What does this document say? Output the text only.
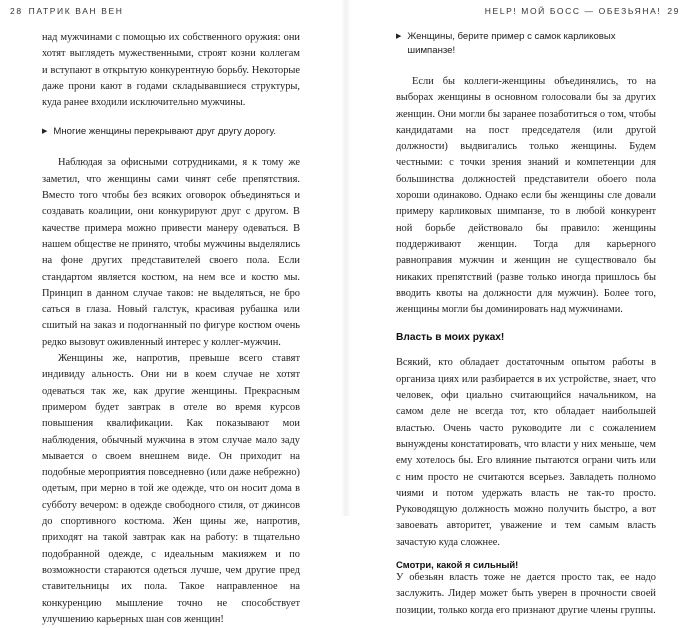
28 ПАТРИК ВАН ВЕН

над мужчинами с помощью их собственного оружия: они хотят выглядеть мужественными, строят козни коллегам и вступают в открытую конкурентную борьбу. Некоторые даже прони кают в годами складывавшиеся структуры, куда ранее входили исключительно мужчины.

▶ Многие женщины перекрывают друг другу дорогу.

Наблюдая за офисными сотрудниками, я к тому же заметил, что женщины сами чинят себе препятствия. Вместо того чтобы без всяких оговорок объединяться и создавать коалиции, они конкурируют друг с другом. В качестве примера можно привести манеру одеваться. В нашем обществе не принято, чтобы мужчины выделялись на фоне других представителей своего пола. Если стандартом является костюм, на нем все и костю мы. Принцип в данном случае таков: не выделяться, не бро саться в глаза. Новый галстук, красивая рубашка или сшитый на заказ и подогнанный по фигуре костюм очень редко вызовут оживленный интерес у коллег-мужчин.

Женщины же, напротив, превыше всего ставят индивиду альность. Они ни в коем случае не хотят одеваться так же, как другие женщины. Прекрасным примером будет завтрак в отеле во время курсов повышения квалификации. Как показывают мои наблюдения, обычный мужчина в этом случае мало заду мывается о своем внешнем виде. Он приходит на подобные мероприятия повседневно (или даже небрежно) одетым, при мерно в той же одежде, что он носит дома в субботу вечером: в одежде свободного стиля, от джинсов до спортивного костюма. Жен щины же, напротив, приходят на такой завтрак как на работу: в тщательно подобранной одежде, с идеальным макияжем и по возможности стараются одеться лучше, чем другие пред ставительницы их пола. Такое направленное на конкуренцию мышление точно не способствует улучшению карьерных шан сов женщин!

HELP! МОЙ БОСС — ОБЕЗЬЯНА! 29
▶ Женщины, берите пример с самок карликовых шимпанзе!

Если бы коллеги-женщины объединялись, то на выборах женщины в основном голосовали бы за других женщин. Они могли бы заранее позаботиться о том, чтобы кандидатами на пост председателя (или другой должности) выдвигались только женщины. Будем честными: с точки зрения знаний и компетенции для большинства должностей представители обоего пола хороши одинаково. Однако если бы женщины сле довали примеру карликовых шимпанзе, то в любой конкурент ной борьбе действовало бы правило: женщины поддерживают женщин. Тогда для карьерного равноправия мужчин и женщин не существовало бы никаких препятствий (разве только иногда пришлось бы вводить квоты на должности для мужчин). Более того, женщины могли бы доминировать над мужчинами.

Власть в моих руках!

Всякий, кто обладает достаточным опытом работы в организа циях или разбирается в их устройстве, знает, что человек, офи циально считающийся начальником, на самом деле не всегда тот, кто обладает наибольшей властью. Очень часто руководите ли с сожалением вынуждены констатировать, что власти у них меньше, чем ему хотелось бы. Его влияние пытаются ограни чить или с ним просто не считаются всерьез. Завладеть полномо чиями и потом удержать власть не так-то просто. Руководящую должность можно получить быстро, а вот завоевать авторитет, уважение и тем самым власть зачастую куда сложнее.

Смотри, какой я сильный!

У обезьян власть тоже не дается просто так, ее надо заслужить. Лидер может быть уверен в прочности своей позиции, только когда его признают другие члены группы.
